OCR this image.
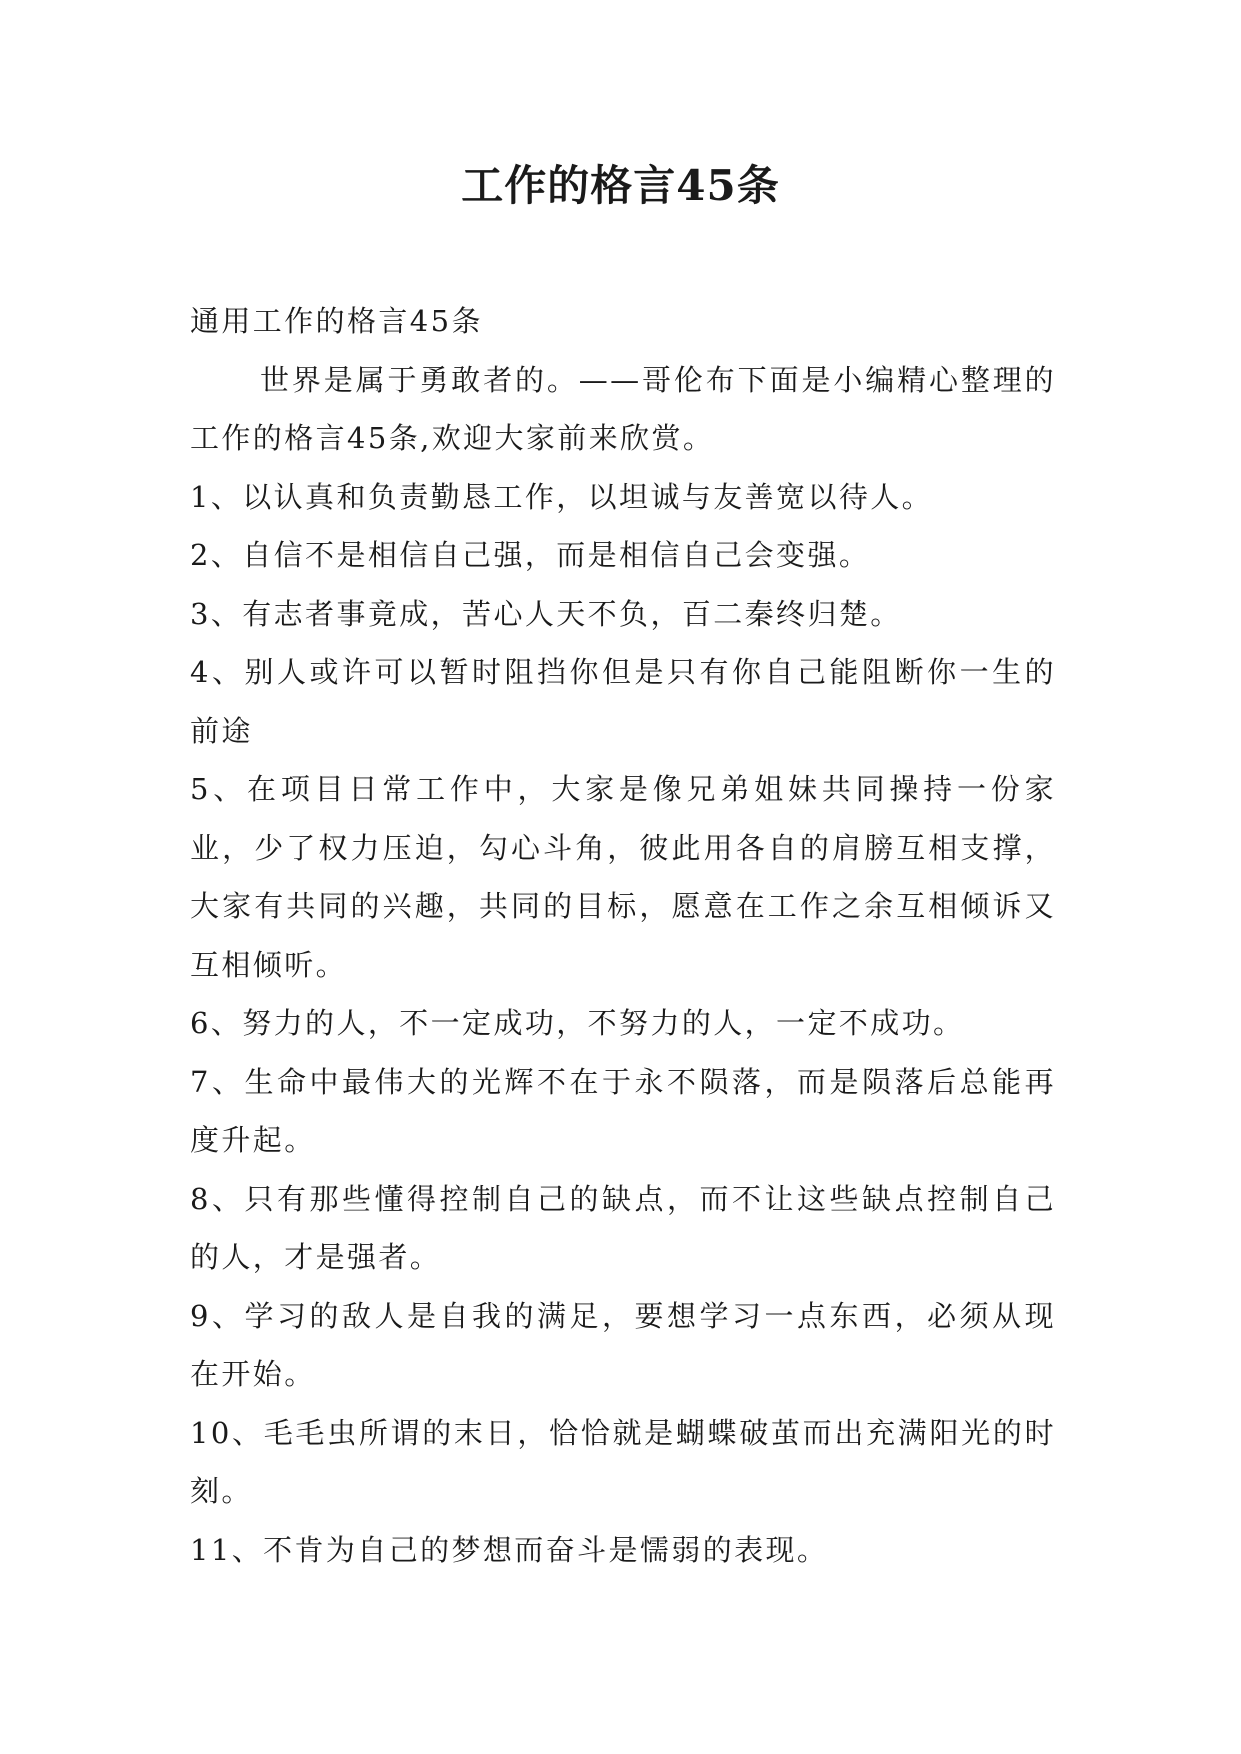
工作的格言45条

通用工作的格言45条

世界是属于勇敢者的。——哥伦布下面是小编精心整理的工作的格言45条,欢迎大家前来欣赏。

1、以认真和负责勤恳工作，以坦诚与友善宽以待人。

2、自信不是相信自己强，而是相信自己会变强。

3、有志者事竟成，苦心人天不负，百二秦终归楚。

4、别人或许可以暂时阻挡你但是只有你自己能阻断你一生的前途

5、在项目日常工作中，大家是像兄弟姐妹共同操持一份家业，少了权力压迫，勾心斗角，彼此用各自的肩膀互相支撑，大家有共同的兴趣，共同的目标，愿意在工作之余互相倾诉又互相倾听。

6、努力的人，不一定成功，不努力的人，一定不成功。

7、生命中最伟大的光辉不在于永不陨落，而是陨落后总能再度升起。

8、只有那些懂得控制自己的缺点，而不让这些缺点控制自己的人，才是强者。

9、学习的敌人是自我的满足，要想学习一点东西，必须从现在开始。

10、毛毛虫所谓的末日，恰恰就是蝴蝶破茧而出充满阳光的时刻。

11、不肯为自己的梦想而奋斗是懦弱的表现。
